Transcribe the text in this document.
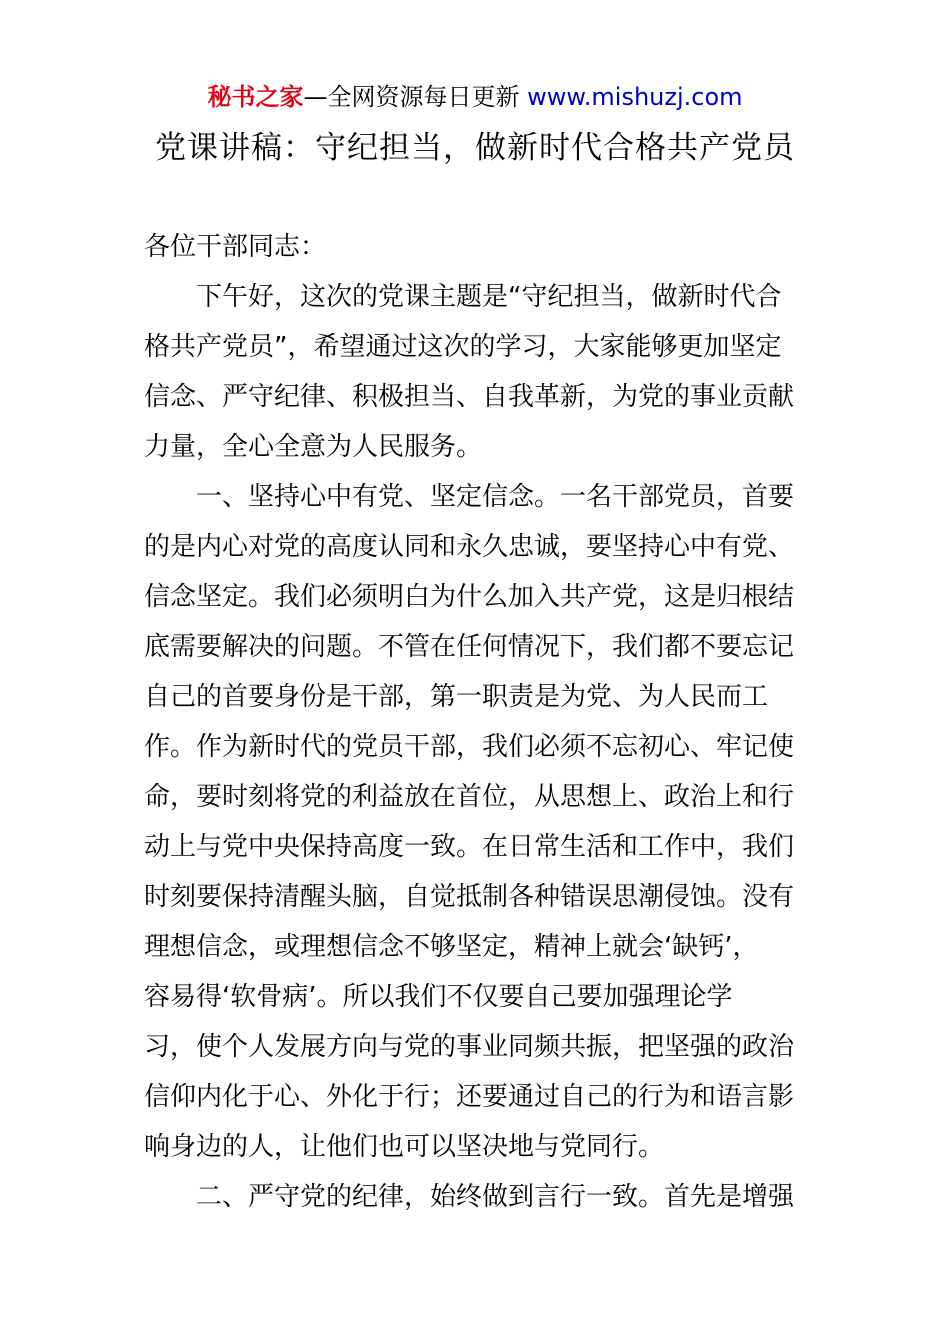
秘书之家—全网资源每日更新 www.mishuzj.com
党课讲稿：守纪担当，做新时代合格共产党员

各位干部同志：

下午好，这次的党课主题是“守纪担当，做新时代合

格共产党员”，希望通过这次的学习，大家能够更加坚定

信念、严守纪律、积极担当、自我革新，为党的事业贡献

力量，全心全意为人民服务。

一、坚持心中有党、坚定信念。一名干部党员，首要

的是内心对党的高度认同和永久忠诚，要坚持心中有党、

信念坚定。我们必须明白为什么加入共产党，这是归根结

底需要解决的问题。不管在任何情况下，我们都不要忘记

自己的首要身份是干部，第一职责是为党、为人民而工

作。作为新时代的党员干部，我们必须不忘初心、牢记使

命，要时刻将党的利益放在首位，从思想上、政治上和行

动上与党中央保持高度一致。在日常生活和工作中，我们

时刻要保持清醒头脑，自觉抵制各种错误思潮侵蚀。没有

理想信念，或理想信念不够坚定，精神上就会‘缺钙’，

容易得‘软骨病’。所以我们不仅要自己要加强理论学

习，使个人发展方向与党的事业同频共振，把坚强的政治

信仰内化于心、外化于行；还要通过自己的行为和语言影

响身边的人，让他们也可以坚决地与党同行。

二、严守党的纪律，始终做到言行一致。首先是增强
